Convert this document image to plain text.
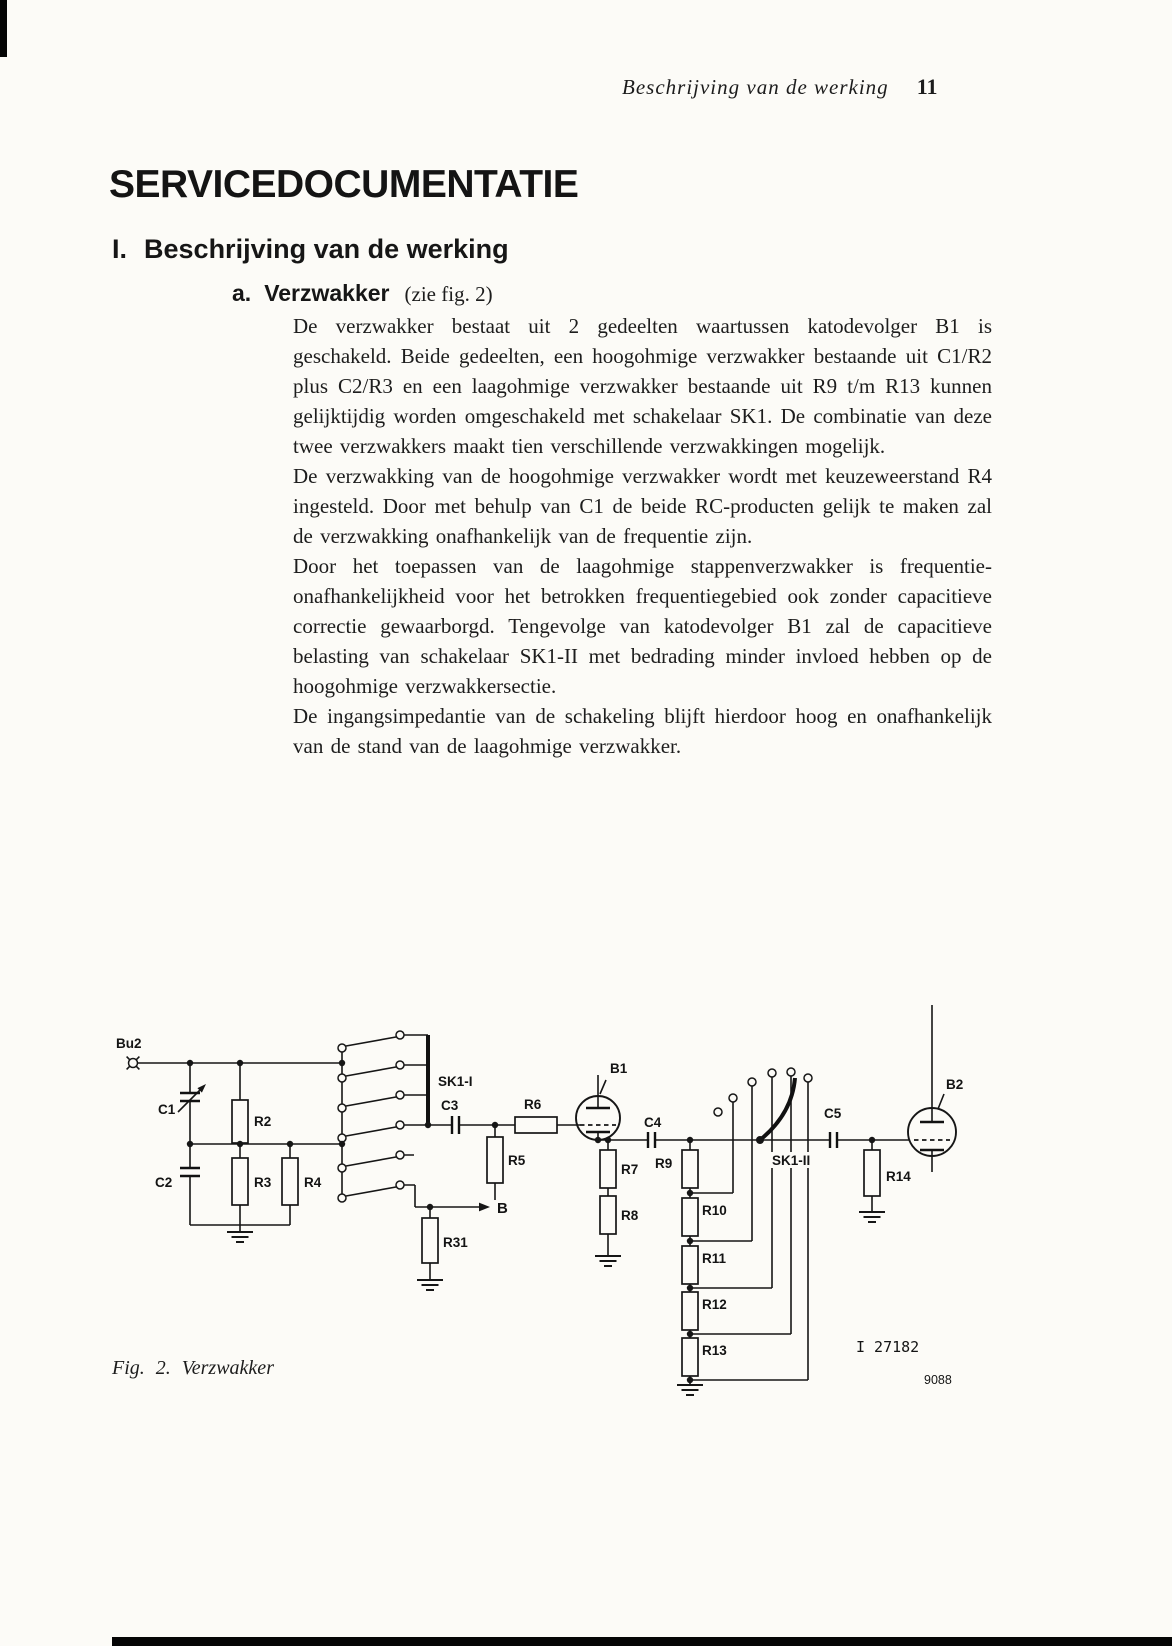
Beschrijving van de werking 11
SERVICEDOCUMENTATIE
I. Beschrijving van de werking
a. Verzwakker (zie fig. 2)

De verzwakker bestaat uit 2 gedeelten waartussen katodevolger B1 is geschakeld. Beide gedeelten, een hoogohmige verzwakker bestaande uit C1/R2 plus C2/R3 en een laagohmige verzwakker bestaande uit R9 t/m R13 kunnen gelijktijdig worden omgeschakeld met schakelaar SK1. De combinatie van deze twee verzwakkers maakt tien verschillende verzwakkingen mogelijk.

De verzwakking van de hoogohmige verzwakker wordt met keuzeweerstand R4 ingesteld. Door met behulp van C1 de beide RC-producten gelijk te maken zal de verzwakking onafhankelijk van de frequentie zijn.

Door het toepassen van de laagohmige stappenverzwakker is frequentie-onafhankelijkheid voor het betrokken frequentiegebied ook zonder capacitieve correctie gewaarborgd. Tengevolge van katodevolger B1 zal de capacitieve belasting van schakelaar SK1-II met bedrading minder invloed hebben op de hoogohmige verzwakkersectie.

De ingangsimpedantie van de schakeling blijft hierdoor hoog en onafhankelijk van de stand van de laagohmige verzwakker.

Bu2
C1
R2
C2	R3 R4
SK1-I
C3	R6
R5
B
R31
B1
C4
R7 R9
R8	R10
R11
R12
R13
SK1-II
C5
R14
B2
I 27182
9088
Fig. 2. Verzwakker
